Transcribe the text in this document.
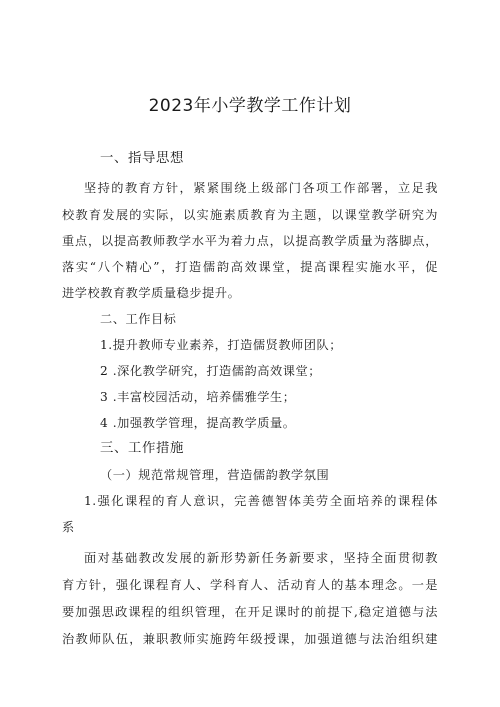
2023年小学教学工作计划
一、指导思想
坚持的教育方针，紧紧围绕上级部门各项工作部署，立足我
校教育发展的实际，以实施素质教育为主题，以课堂教学研究为
重点，以提高教师教学水平为着力点，以提高教学质量为落脚点，
落实“八个精心”，打造儒韵高效课堂，提高课程实施水平，促
进学校教育教学质量稳步提升。
二、工作目标
1.提升教师专业素养，打造儒贤教师团队；
2 .深化教学研究，打造儒韵高效课堂；
3 .丰富校园活动，培养儒雅学生；
4 .加强教学管理，提高教学质量。
三、工作措施
（一）规范常规管理，营造儒韵教学氛围
1.强化课程的育人意识，完善德智体美劳全面培养的课程体
系
面对基础教改发展的新形势新任务新要求，坚持全面贯彻教
育方针，强化课程育人、学科育人、活动育人的基本理念。一是
要加强思政课程的组织管理，在开足课时的前提下,稳定道德与法
治教师队伍，兼职教师实施跨年级授课，加强道德与法治组织建
